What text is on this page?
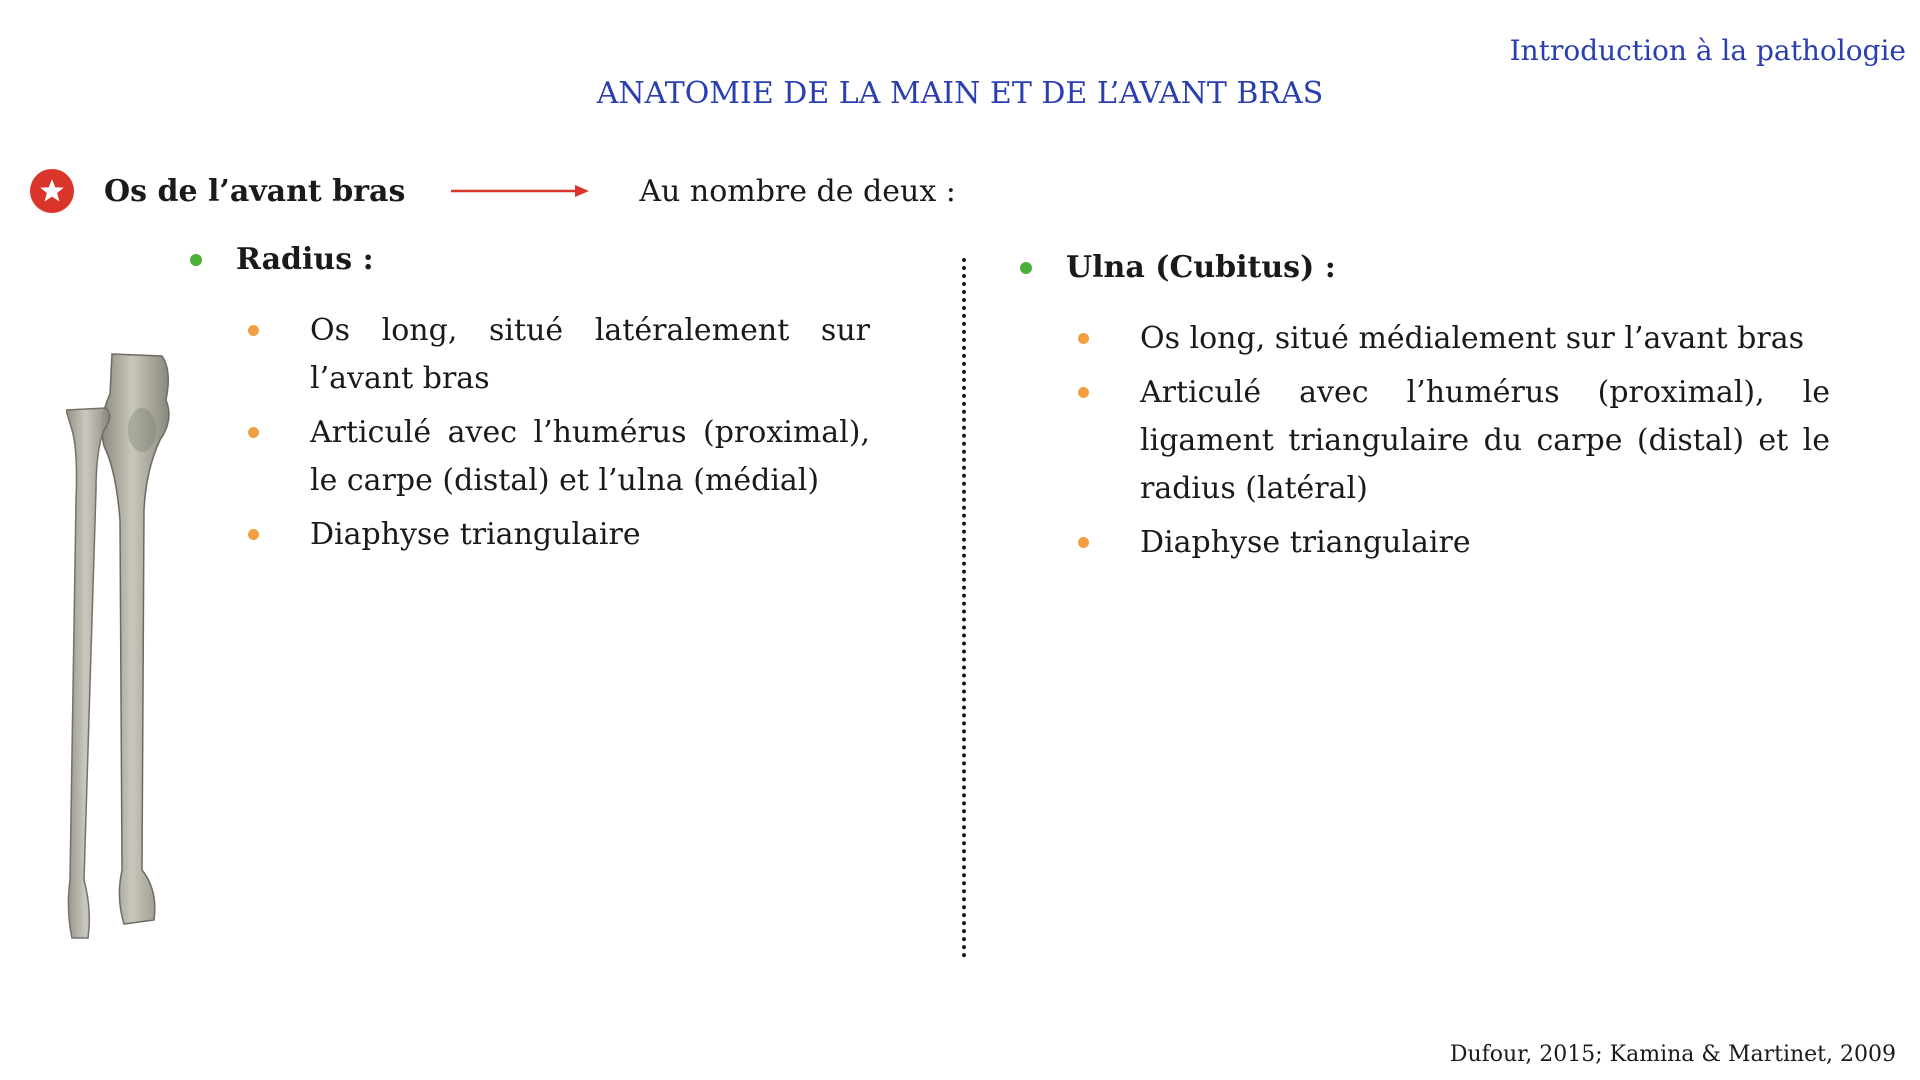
Introduction à la pathologie
ANATOMIE DE LA MAIN ET DE L’AVANT BRAS
Os de l’avant bras	Au nombre de deux :
Radius :
Os long, situé latéralement sur l’avant bras
Articulé avec l’humérus (proximal), le carpe (distal) et l’ulna (médial)
Diaphyse triangulaire
Ulna (Cubitus) :
Os long, situé médialement sur l’avant bras
Articulé avec l’humérus (proximal), le ligament triangulaire du carpe (distal) et le radius (latéral)
Diaphyse triangulaire
Dufour, 2015; Kamina & Martinet, 2009
